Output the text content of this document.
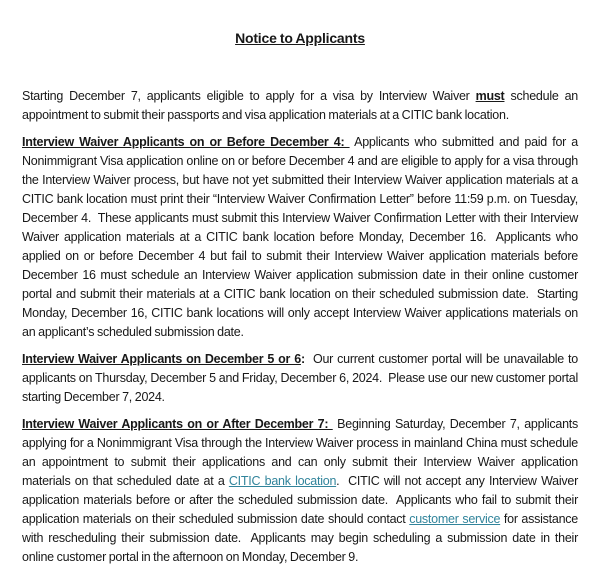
Notice to Applicants

Starting December 7, applicants eligible to apply for a visa by Interview Waiver must schedule an appointment to submit their passports and visa application materials at a CITIC bank location.

Interview Waiver Applicants on or Before December 4:  Applicants who submitted and paid for a Nonimmigrant Visa application online on or before December 4 and are eligible to apply for a visa through the Interview Waiver process, but have not yet submitted their Interview Waiver application materials at a CITIC bank location must print their “Interview Waiver Confirmation Letter” before 11:59 p.m. on Tuesday, December 4.  These applicants must submit this Interview Waiver Confirmation Letter with their Interview Waiver application materials at a CITIC bank location before Monday, December 16.  Applicants who applied on or before December 4 but fail to submit their Interview Waiver application materials before December 16 must schedule an Interview Waiver application submission date in their online customer portal and submit their materials at a CITIC bank location on their scheduled submission date.  Starting Monday, December 16, CITIC bank locations will only accept Interview Waiver applications materials on an applicant’s scheduled submission date.

Interview Waiver Applicants on December 5 or 6:  Our current customer portal will be unavailable to applicants on Thursday, December 5 and Friday, December 6, 2024.  Please use our new customer portal starting December 7, 2024.

Interview Waiver Applicants on or After December 7:  Beginning Saturday, December 7, applicants applying for a Nonimmigrant Visa through the Interview Waiver process in mainland China must schedule an appointment to submit their applications and can only submit their Interview Waiver application materials on that scheduled date at a CITIC bank location.  CITIC will not accept any Interview Waiver application materials before or after the scheduled submission date.  Applicants who fail to submit their application materials on their scheduled submission date should contact customer service for assistance with rescheduling their submission date.  Applicants may begin scheduling a submission date in their online customer portal in the afternoon on Monday, December 9.
